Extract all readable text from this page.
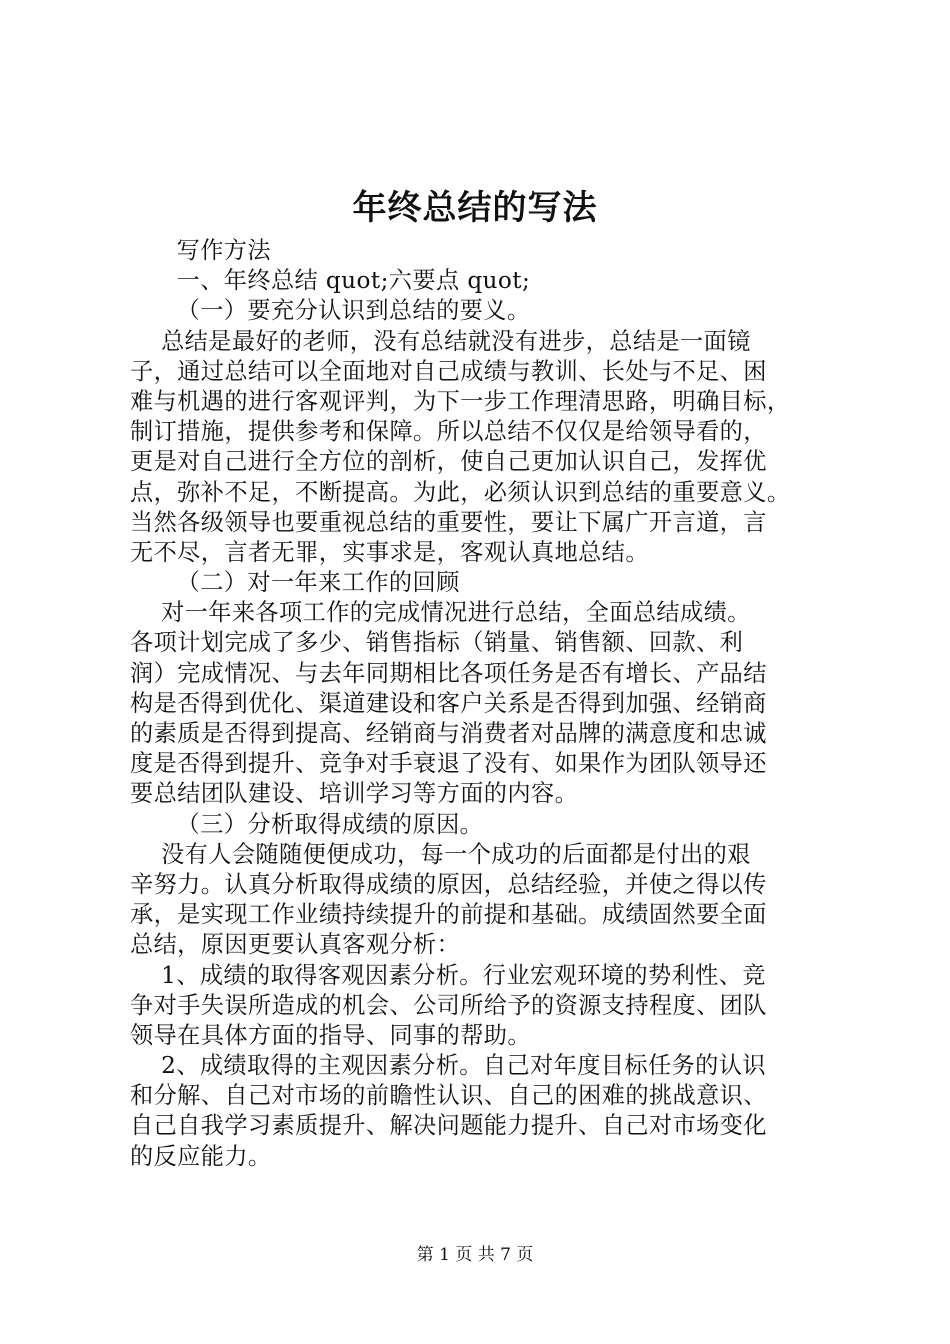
年终总结的写法
写作方法
一、年终总结 quot;六要点 quot;
（一）要充分认识到总结的要义。
总结是最好的老师，没有总结就没有进步，总结是一面镜
子，通过总结可以全面地对自己成绩与教训、长处与不足、困
难与机遇的进行客观评判，为下一步工作理清思路，明确目标，
制订措施，提供参考和保障。所以总结不仅仅是给领导看的，
更是对自己进行全方位的剖析，使自己更加认识自己，发挥优
点，弥补不足，不断提高。为此，必须认识到总结的重要意义。
当然各级领导也要重视总结的重要性，要让下属广开言道，言
无不尽，言者无罪，实事求是，客观认真地总结。
（二）对一年来工作的回顾
对一年来各项工作的完成情况进行总结，全面总结成绩。
各项计划完成了多少、销售指标（销量、销售额、回款、利
润）完成情况、与去年同期相比各项任务是否有增长、产品结
构是否得到优化、渠道建设和客户关系是否得到加强、经销商
的素质是否得到提高、经销商与消费者对品牌的满意度和忠诚
度是否得到提升、竞争对手衰退了没有、如果作为团队领导还
要总结团队建设、培训学习等方面的内容。
（三）分析取得成绩的原因。
没有人会随随便便成功，每一个成功的后面都是付出的艰
辛努力。认真分析取得成绩的原因，总结经验，并使之得以传
承，是实现工作业绩持续提升的前提和基础。成绩固然要全面
总结，原因更要认真客观分析：
1、成绩的取得客观因素分析。行业宏观环境的势利性、竞
争对手失误所造成的机会、公司所给予的资源支持程度、团队
领导在具体方面的指导、同事的帮助。
2、成绩取得的主观因素分析。自己对年度目标任务的认识
和分解、自己对市场的前瞻性认识、自己的困难的挑战意识、
自己自我学习素质提升、解决问题能力提升、自己对市场变化
的反应能力。
第 1 页 共 7 页
